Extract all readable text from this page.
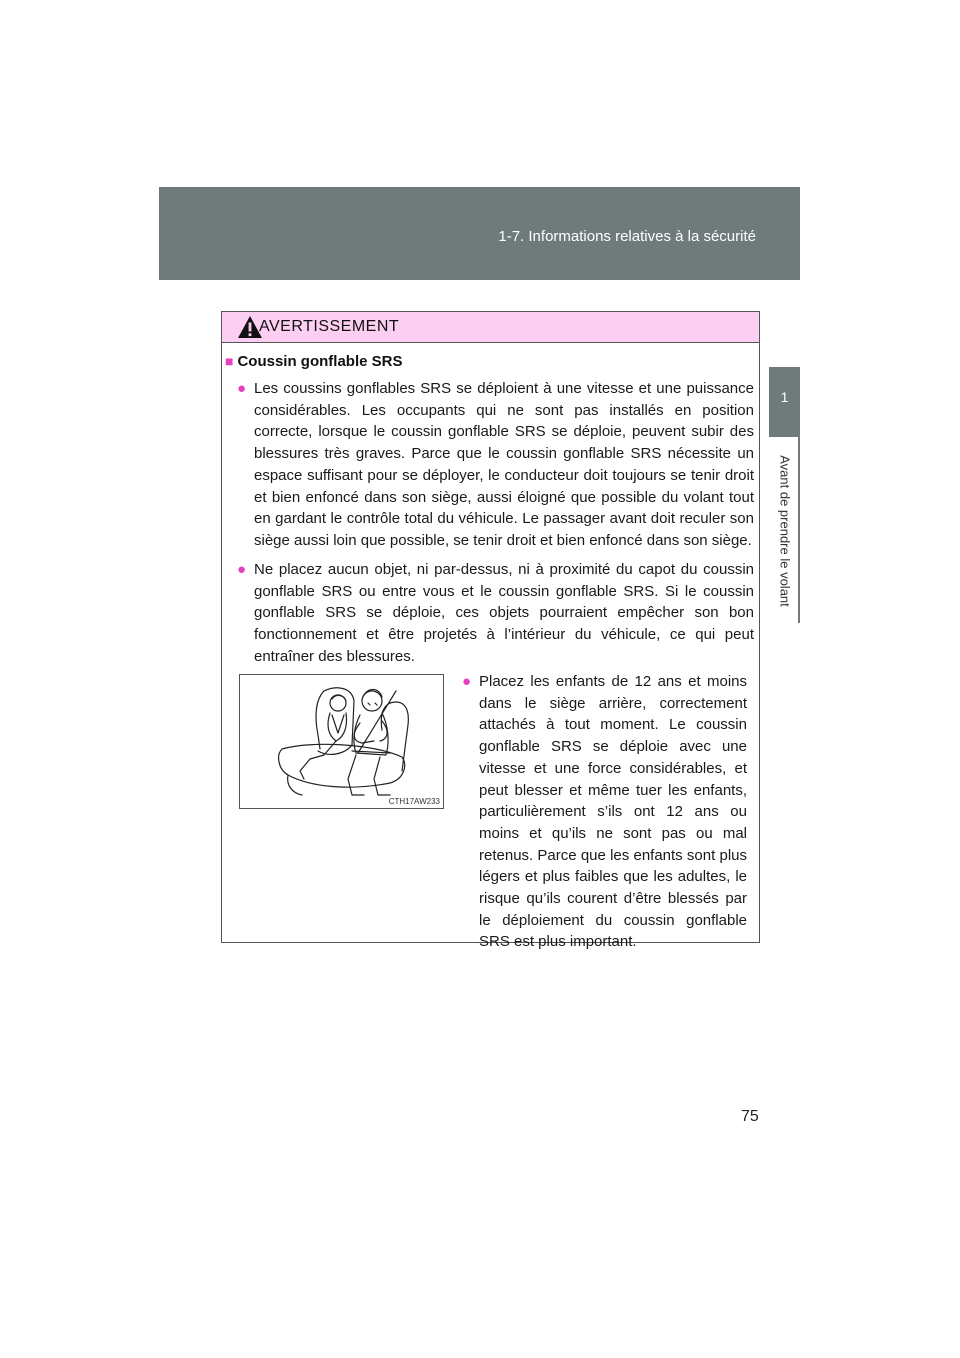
1-7. Informations relatives à la sécurité
1
Avant de prendre le volant
AVERTISSEMENT
■ Coussin gonflable SRS
● Les coussins gonflables SRS se déploient à une vitesse et une puissance considérables. Les occupants qui ne sont pas installés en position correcte, lorsque le coussin gonflable SRS se déploie, peuvent subir des blessures très graves. Parce que le coussin gonflable SRS nécessite un espace suffisant pour se déployer, le conducteur doit toujours se tenir droit et bien enfoncé dans son siège, aussi éloigné que possible du volant tout en gardant le contrôle total du véhicule. Le passager avant doit reculer son siège aussi loin que possible, se tenir droit et bien enfoncé dans son siège.
● Ne placez aucun objet, ni par-dessus, ni à proximité du capot du coussin gonflable SRS ou entre vous et le coussin gonflable SRS. Si le coussin gonflable SRS se déploie, ces objets pourraient empêcher son bon fonctionnement et être projetés à l’intérieur du véhicule, ce qui peut entraîner des blessures.
CTH17AW233
● Placez les enfants de 12 ans et moins dans le siège arrière, correctement attachés à tout moment. Le coussin gonflable SRS se déploie avec une vitesse et une force considérables, et peut blesser et même tuer les enfants, particulièrement s’ils ont 12 ans ou moins et qu’ils ne sont pas ou mal retenus. Parce que les enfants sont plus légers et plus faibles que les adultes, le risque qu’ils courent d’être blessés par le déploiement du coussin gonflable SRS est plus important.
75
